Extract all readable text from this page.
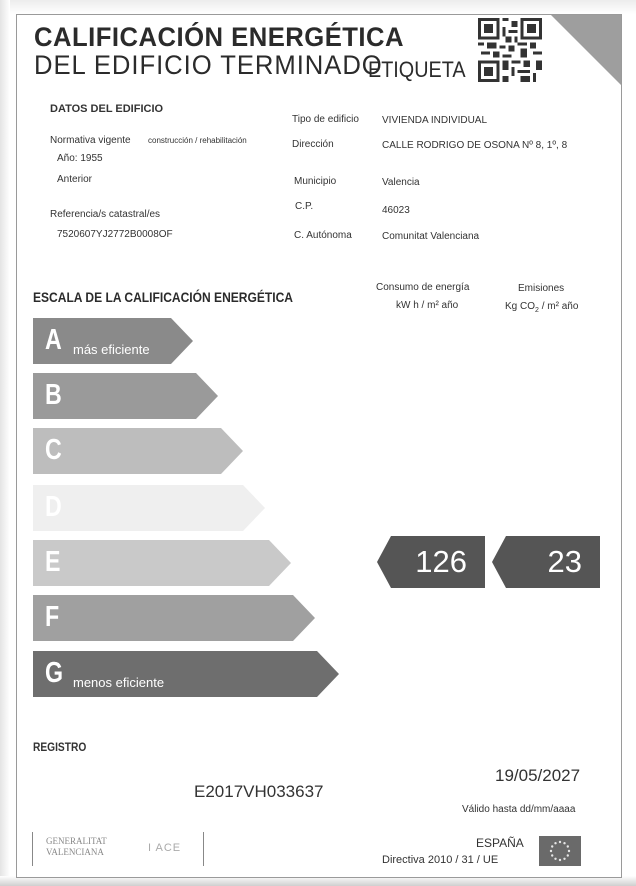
CALIFICACIÓN ENERGÉTICA
DEL EDIFICIO TERMINADO
ETIQUETA
DATOS DEL EDIFICIO
Normativa vigente construcción / rehabilitación
Año: 1955
Anterior
Referencia/s catastral/es
7520607YJ2772B0008OF
Tipo de edificio VIVIENDA INDIVIDUAL
Dirección	CALLE RODRIGO DE OSONA Nº 8, 1º, 8
Municipio	Valencia
C.P.	46023
C. Autónoma	Comunitat Valenciana
ESCALA DE LA CALIFICACIÓN ENERGÉTICA
Consumo de energía
kW h / m² año
Emisiones
Kg $CO_2 / m^2$ año
A más eficiente
B
C
D
E
F
G menos eficiente
126	23
REGISTRO
E2017VH033637
19/05/2027
Válido hasta dd/mm/aaaa
GENERALITAT
VALENCIANA	I ACE	ESPAÑA
Directiva 2010 / 31 / UE
